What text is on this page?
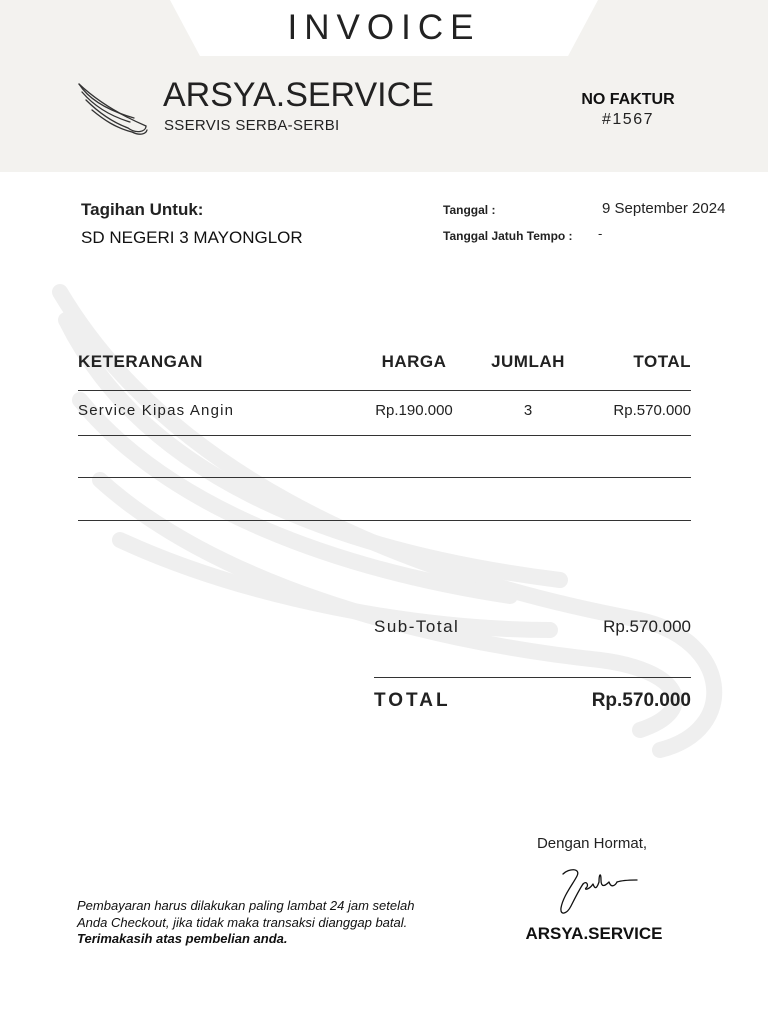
INVOICE
ARSYA.SERVICE
SSERVIS SERBA-SERBI
NO FAKTUR
#1567
Tagihan Untuk:
SD NEGERI 3 MAYONGLOR
Tanggal :	9 September 2024
Tanggal Jatuh Tempo : -
KETERANGAN	HARGA	JUMLAH	TOTAL
Service Kipas Angin	Rp.190.000	3	Rp.570.000
Sub-Total	Rp.570.000
TOTAL	Rp.570.000
Pembayaran harus dilakukan paling lambat 24 jam setelah Anda Checkout, jika tidak maka transaksi dianggap batal. Terimakasih atas pembelian anda.
Dengan Hormat,
ARSYA.SERVICE
